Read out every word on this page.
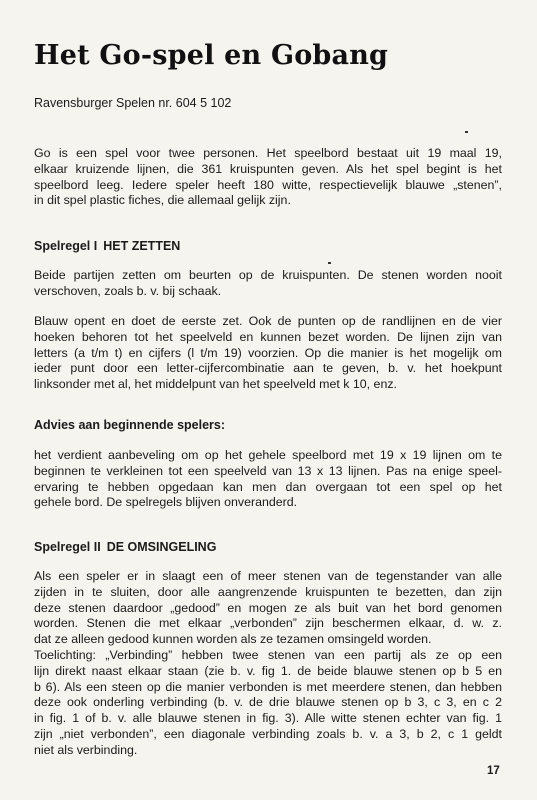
Het Go-spel en Gobang
Ravensburger Spelen nr. 604 5 102
Go is een spel voor twee personen. Het speelbord bestaat uit 19 maal 19,
elkaar kruizende lijnen, die 361 kruispunten geven. Als het spel begint is het
speelbord leeg. Iedere speler heeft 180 witte, respectievelijk blauwe „stenen”,
in dit spel plastic fiches, die allemaal gelijk zijn.
Spelregel I HET ZETTEN
Beide partijen zetten om beurten op de kruispunten. De stenen worden nooit
verschoven, zoals b. v. bij schaak.
Blauw opent en doet de eerste zet. Ook de punten op de randlijnen en de vier
hoeken behoren tot het speelveld en kunnen bezet worden. De lijnen zijn van
letters (a t/m t) en cijfers (l t/m 19) voorzien. Op die manier is het mogelijk om
ieder punt door een letter-cijfercombinatie aan te geven, b. v. het hoekpunt
linksonder met al, het middelpunt van het speelveld met k 10, enz.
Advies aan beginnende spelers:
het verdient aanbeveling om op het gehele speelbord met 19 x 19 lijnen om te
beginnen te verkleinen tot een speelveld van 13 x 13 lijnen. Pas na enige speel-
ervaring te hebben opgedaan kan men dan overgaan tot een spel op het
gehele bord. De spelregels blijven onveranderd.
Spelregel II DE OMSINGELING
Als een speler er in slaagt een of meer stenen van de tegenstander van alle
zijden in te sluiten, door alle aangrenzende kruispunten te bezetten, dan zijn
deze stenen daardoor „gedood” en mogen ze als buit van het bord genomen
worden. Stenen die met elkaar „verbonden” zijn beschermen elkaar, d. w. z.
dat ze alleen gedood kunnen worden als ze tezamen omsingeld worden.
Toelichting: „Verbinding” hebben twee stenen van een partij als ze op een
lijn direkt naast elkaar staan (zie b. v. fig 1. de beide blauwe stenen op b 5 en
b 6). Als een steen op die manier verbonden is met meerdere stenen, dan hebben
deze ook onderling verbinding (b. v. de drie blauwe stenen op b 3, c 3, en c 2
in fig. 1 of b. v. alle blauwe stenen in fig. 3). Alle witte stenen echter van fig. 1
zijn „niet verbonden”, een diagonale verbinding zoals b. v. a 3, b 2, c 1 geldt
niet als verbinding.
17
